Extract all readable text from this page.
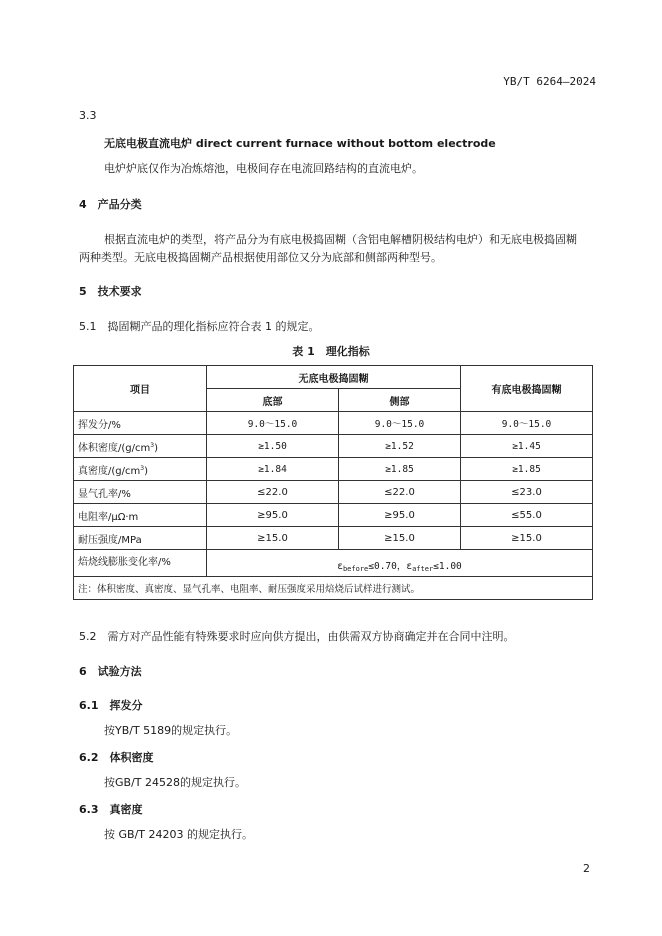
YB/T 6264—2024
3.3
无底电极直流电炉 direct current furnace without bottom electrode
电炉炉底仅作为冶炼熔池，电极间存在电流回路结构的直流电炉。
4　产品分类
根据直流电炉的类型，将产品分为有底电极捣固糊（含铝电解槽阴极结构电炉）和无底电极捣固糊
两种类型。无底电极捣固糊产品根据使用部位又分为底部和侧部两种型号。
5　技术要求
5.1　捣固糊产品的理化指标应符合表 1 的规定。
表 1　理化指标
项目	无底电极捣固糊		有底电极捣固糊
	底部	侧部	
挥发分/%	9.0～15.0	9.0～15.0	9.0～15.0
体积密度$/(g/cm^3)$	≥1.50	≥1.52	≥1.45
真密度$/(g/cm^3)$	≥1.84	≥1.85	≥1.85
显气孔率/%	≤22.0	≤22.0	≤23.0
电阻率/μΩ·m	≥95.0	≥95.0	≤55.0
耐压强度/MPa	≥15.0	≥15.0	≥15.0
焙烧线膨胀变化率/%	$\varepsilon_{before}\le 0.70$，$\varepsilon_{after}\le 1.00$		
注：体积密度、真密度、显气孔率、电阻率、耐压强度采用焙烧后试样进行测试。			
5.2　需方对产品性能有特殊要求时应向供方提出，由供需双方协商确定并在合同中注明。
6　试验方法
6.1　挥发分
按YB/T 5189的规定执行。
6.2　体积密度
按GB/T 24528的规定执行。
6.3　真密度
按 GB/T 24203 的规定执行。
2
